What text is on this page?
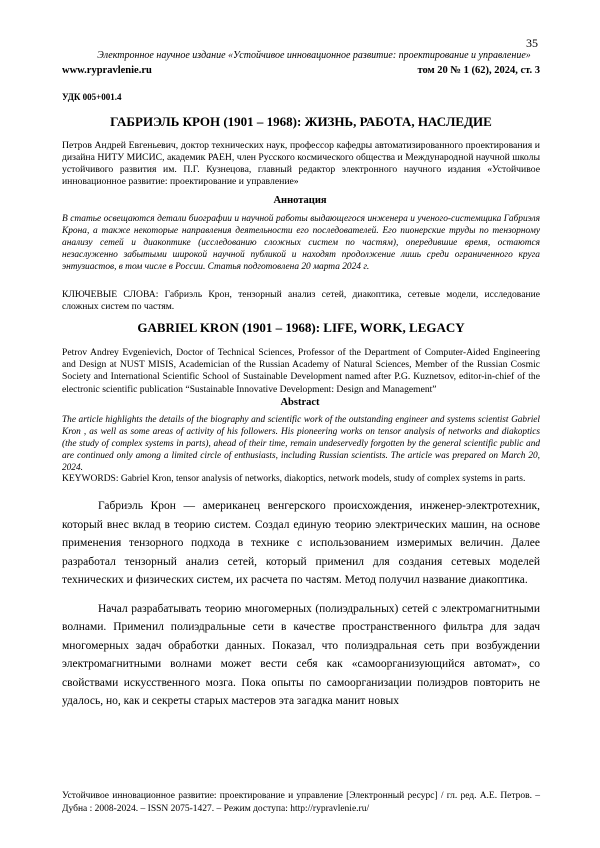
35
Электронное научное издание «Устойчивое инновационное развитие: проектирование и управление»
www.rypravlenie.ru	том 20 № 1 (62), 2024, ст. 3
УДК 005+001.4
ГАБРИЭЛЬ КРОН (1901 – 1968): ЖИЗНЬ, РАБОТА, НАСЛЕДИЕ
Петров Андрей Евгеньевич, доктор технических наук, профессор кафедры автоматизированного проектирования и дизайна НИТУ МИСИС, академик РАЕН, член Русского космического общества и Международной научной школы устойчивого развития им. П.Г. Кузнецова, главный редактор электронного научного издания «Устойчивое инновационное развитие: проектирование и управление»
Аннотация
В статье освещаются детали биографии и научной работы выдающегося инженера и ученого-системщика Габриэля Крона, а также некоторые направления деятельности его последователей. Его пионерские труды по тензорному анализу сетей и диакоптике (исследованию сложных систем по частям), опередившие время, остаются незаслуженно забытыми широкой научной публикой и находят продолжение лишь среди ограниченного круга энтузиастов, в том числе в России. Статья подготовлена 20 марта 2024 г.
КЛЮЧЕВЫЕ СЛОВА: Габриэль Крон, тензорный анализ сетей, диакоптика, сетевые модели, исследование сложных систем по частям.
GABRIEL KRON (1901 – 1968): LIFE, WORK, LEGACY
Petrov Andrey Evgenievich, Doctor of Technical Sciences, Professor of the Department of Computer-Aided Engineering and Design at NUST MISIS, Academician of the Russian Academy of Natural Sciences, Member of the Russian Cosmic Society and International Scientific School of Sustainable Development named after P.G. Kuznetsov, editor-in-chief of the electronic scientific publication “Sustainable Innovative Development: Design and Management”
Abstract
The article highlights the details of the biography and scientific work of the outstanding engineer and systems scientist Gabriel Kron , as well as some areas of activity of his followers. His pioneering works on tensor analysis of networks and diakoptics (the study of complex systems in parts), ahead of their time, remain undeservedly forgotten by the general scientific public and are continued only among a limited circle of enthusiasts, including Russian scientists. The article was prepared on March 20, 2024.
KEYWORDS: Gabriel Kron, tensor analysis of networks, diakoptics, network models, study of complex systems in parts.

Габриэль Крон — американец венгерского происхождения, инженер-электротехник, который внес вклад в теорию систем. Создал единую теорию электрических машин, на основе применения тензорного подхода в технике с использованием измеримых величин. Далее разработал тензорный анализ сетей, который применил для создания сетевых моделей технических и физических систем, их расчета по частям. Метод получил название диакоптика.

Начал разрабатывать теорию многомерных (полиэдральных) сетей с электромагнитными волнами. Применил полиэдральные сети в качестве пространственного фильтра для задач многомерных задач обработки данных. Показал, что полиэдральная сеть при возбуждении электромагнитными волнами может вести себя как «самоорганизующийся автомат», со свойствами искусственного мозга. Пока опыты по самоорганизации полиэдров повторить не удалось, но, как и секреты старых мастеров эта загадка манит новых

Устойчивое инновационное развитие: проектирование и управление [Электронный ресурс] / гл. ред. А.Е. Петров. – Дубна : 2008-2024. – ISSN 2075-1427. – Режим доступа: http://rypravlenie.ru/
